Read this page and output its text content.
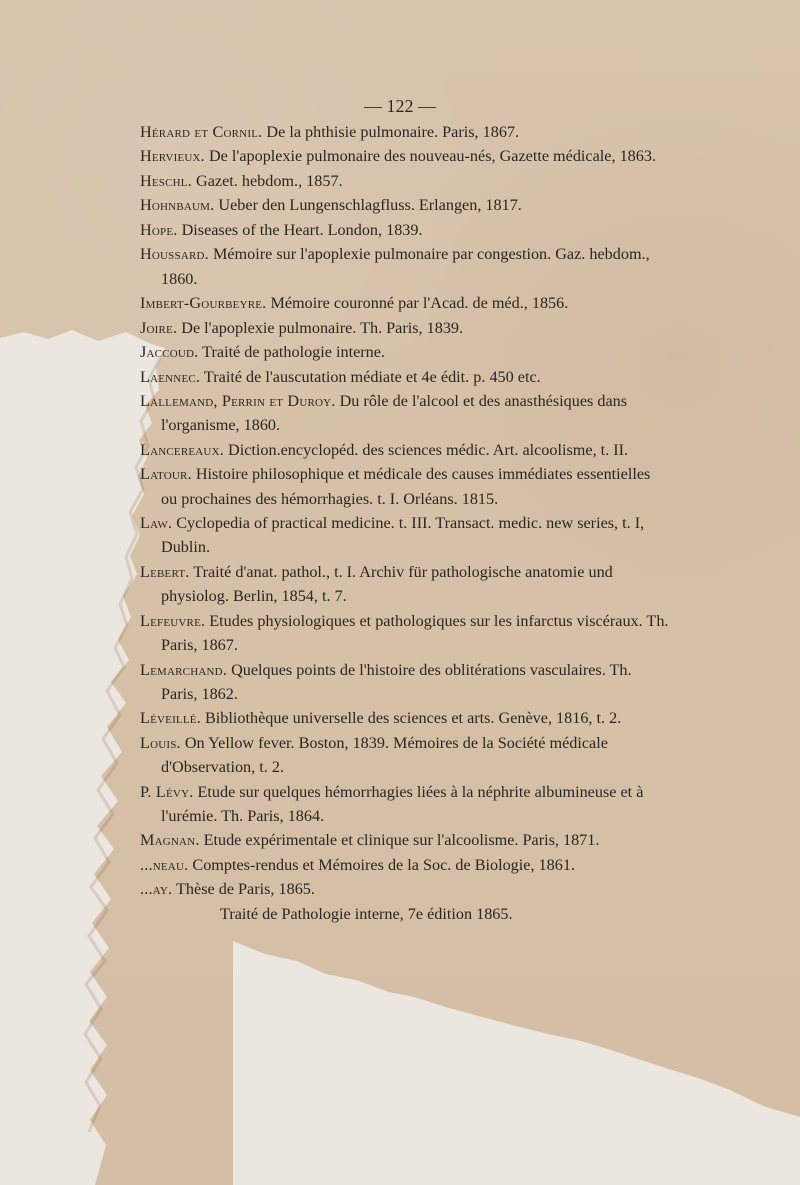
— 122 —

Hérard et Cornil. De la phthisie pulmonaire. Paris, 1867.

Hervieux. De l'apoplexie pulmonaire des nouveau-nés, Gazette médicale, 1863.

Heschl. Gazet. hebdom., 1857.

Hohnbaum. Ueber den Lungenschlagfluss. Erlangen, 1817.

Hope. Diseases of the Heart. London, 1839.

Houssard. Mémoire sur l'apoplexie pulmonaire par congestion. Gaz. hebdom., 1860.

Imbert-Gourbeyre. Mémoire couronné par l'Acad. de méd., 1856.

Joire. De l'apoplexie pulmonaire. Th. Paris, 1839.

Jaccoud. Traité de pathologie interne.

Laennec. Traité de l'auscutation médiate et 4e édit. p. 450 etc.

Lallemand, Perrin et Duroy. Du rôle de l'alcool et des anasthésiques dans l'organisme, 1860.

Lancereaux. Diction.encyclopéd. des sciences médic. Art. alcoolisme, t. II.

Latour. Histoire philosophique et médicale des causes immédiates essentielles ou prochaines des hémorrhagies. t. I. Orléans. 1815.

Law. Cyclopedia of practical medicine. t. III. Transact. medic. new series, t. I, Dublin.

Lebert. Traité d'anat. pathol., t. I. Archiv für pathologische anatomie und physiolog. Berlin, 1854, t. 7.

Lefeuvre. Etudes physiologiques et pathologiques sur les infarctus viscéraux. Th. Paris, 1867.

Lemarchand. Quelques points de l'histoire des oblitérations vasculaires. Th. Paris, 1862.

Léveillé. Bibliothèque universelle des sciences et arts. Genève, 1816, t. 2.

Louis. On Yellow fever. Boston, 1839. Mémoires de la Société médicale d'Observation, t. 2.

P. Lévy. Etude sur quelques hémorrhagies liées à la néphrite albumineuse et à l'urémie. Th. Paris, 1864.

Magnan. Etude expérimentale et clinique sur l'alcoolisme. Paris, 1871.

...neau. Comptes-rendus et Mémoires de la Soc. de Biologie, 1861.

...ay. Thèse de Paris, 1865.

Traité de Pathologie interne, 7e édition 1865.
